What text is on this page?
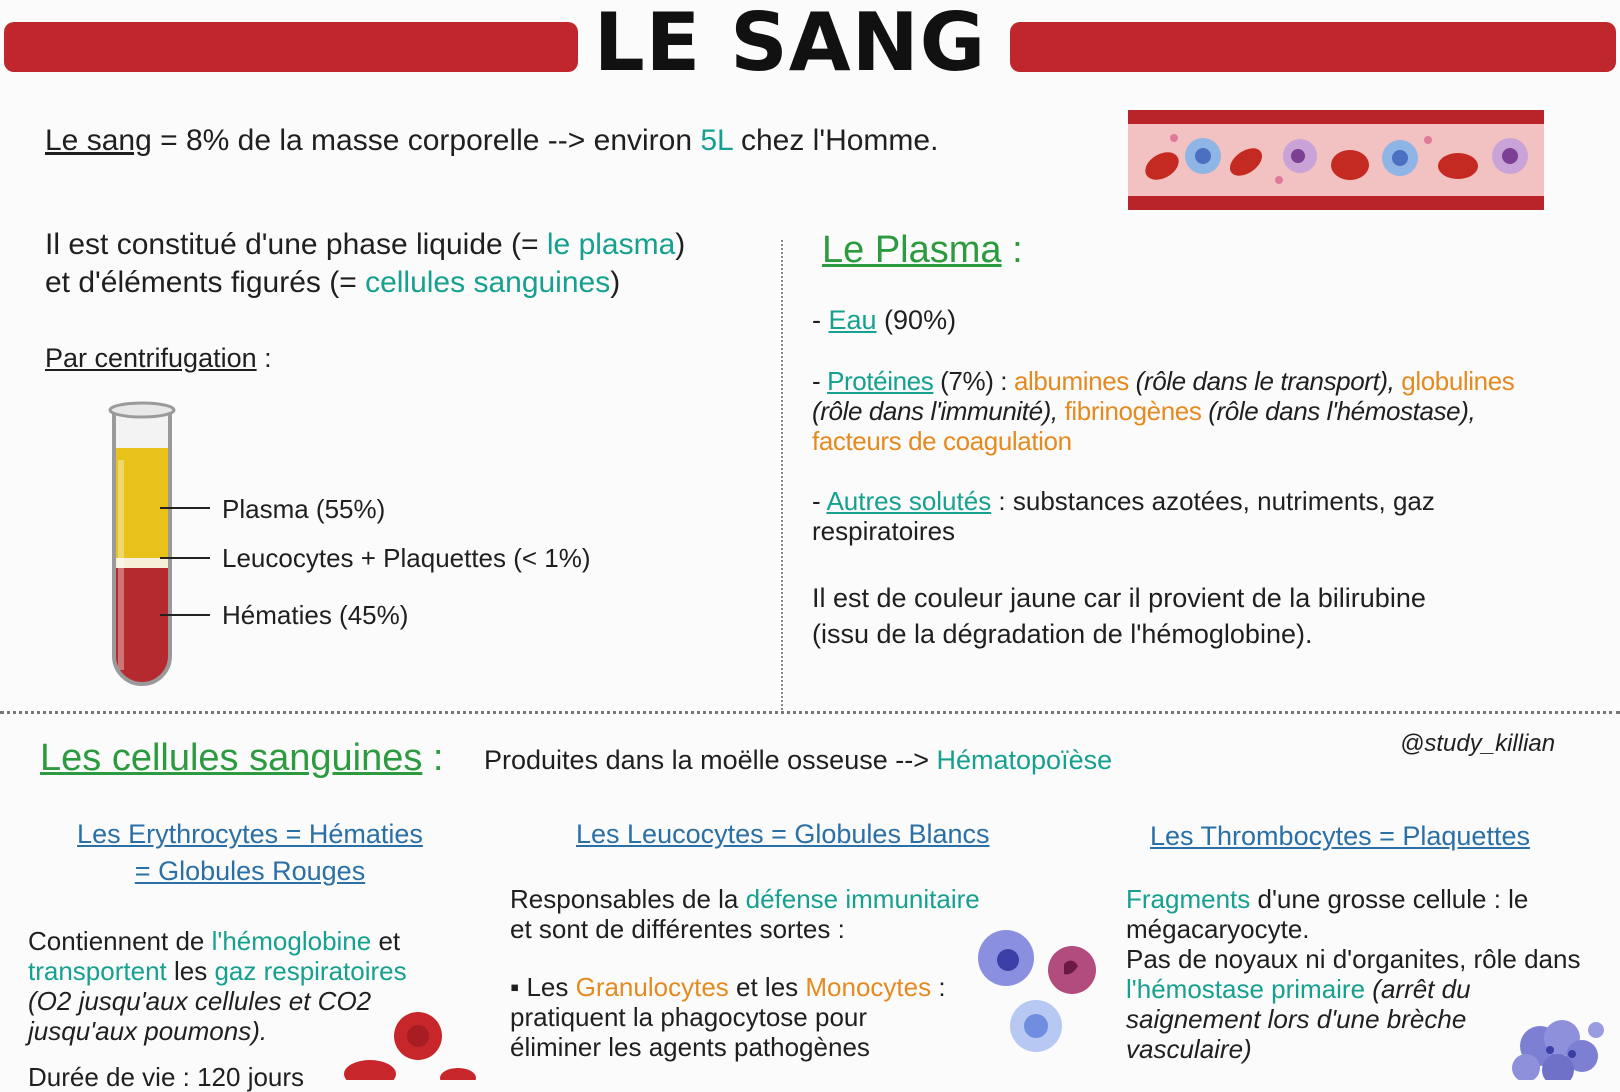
LE SANG
Le sang = 8% de la masse corporelle --> environ 5L chez l'Homme.
Il est constitué d'une phase liquide (= le plasma)
et d'éléments figurés (= cellules sanguines)
Par centrifugation :
Plasma (55%)
Leucocytes + Plaquettes (< 1%)
Hématies (45%)
Le Plasma :
- Eau (90%)
- Protéines (7%) : albumines (rôle dans le transport), globulines
(rôle dans l'immunité), fibrinogènes (rôle dans l'hémostase),
facteurs de coagulation
- Autres solutés : substances azotées, nutriments, gaz
respiratoires
Il est de couleur jaune car il provient de la bilirubine
(issu de la dégradation de l'hémoglobine).
Les cellules sanguines : Produites dans la moëlle osseuse --> Hématopoïèse
@study_killian
Les Erythrocytes = Hématies
= Globules Rouges
Contiennent de l'hémoglobine et
transportent les gaz respiratoires
(O2 jusqu'aux cellules et CO2
jusqu'aux poumons).
Durée de vie : 120 jours
Les Leucocytes = Globules Blancs
Responsables de la défense immunitaire
et sont de différentes sortes :
▪ Les Granulocytes et les Monocytes :
pratiquent la phagocytose pour
éliminer les agents pathogènes
Les Thrombocytes = Plaquettes
Fragments d'une grosse cellule : le
mégacaryocyte.
Pas de noyaux ni d'organites, rôle dans
l'hémostase primaire (arrêt du
saignement lors d'une brèche
vasculaire)
